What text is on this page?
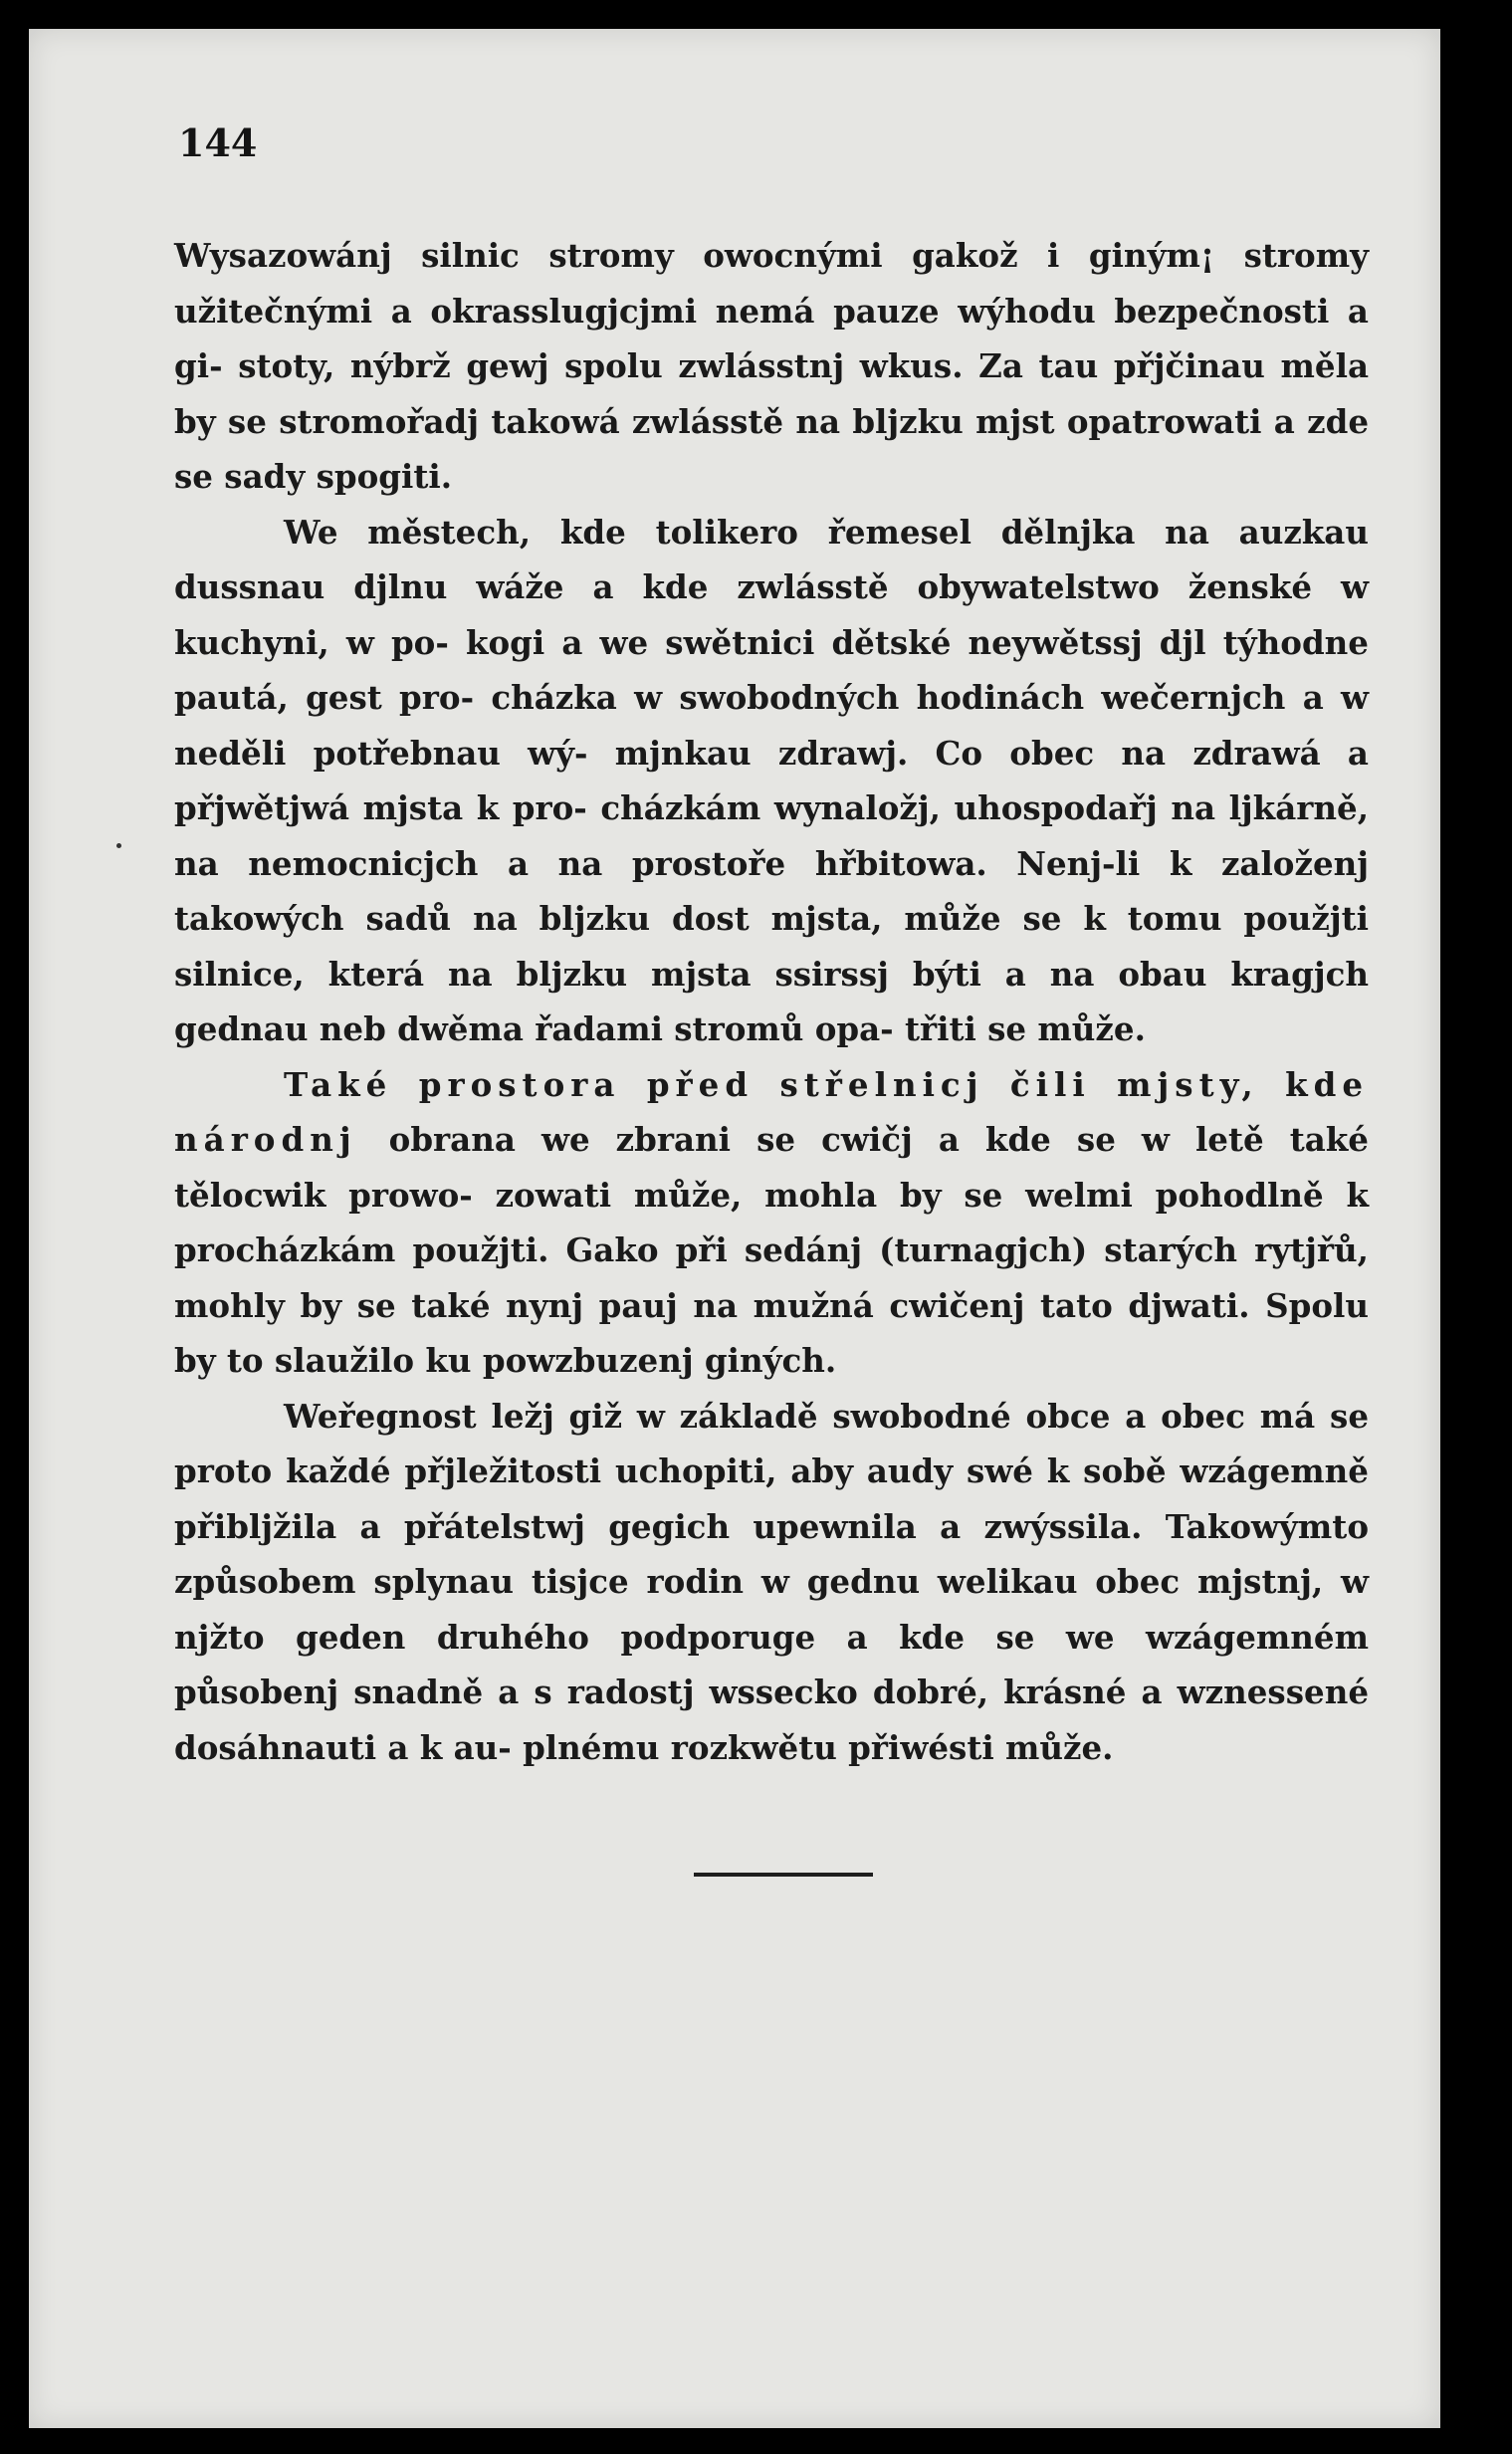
144

Wysazowánj silnic stromy owocnými gakož i giným¡ stromy užitečnými a okrasslugjcjmi nemá pauze wýhodu bezpečnosti a gi- stoty, nýbrž gewj spolu zwlásstnj wkus. Za tau přjčinau měla by se stromořadj takowá zwlásstě na bljzku mjst opatrowati a zde se sady spogiti.

We městech, kde tolikero řemesel dělnjka na auzkau dussnau djlnu wáže a kde zwlásstě obywatelstwo ženské w kuchyni, w po- kogi a we swětnici dětské neywětssj djl týhodne pautá, gest pro- cházka w swobodných hodinách wečernjch a w neděli potřebnau wý- mjnkau zdrawj. Co obec na zdrawá a přjwětjwá mjsta k pro- cházkám wynaložj, uhospodařj na ljkárně, na nemocnicjch a na prostoře hřbitowa. Nenj-li k založenj takowých sadů na bljzku dost mjsta, může se k tomu použjti silnice, která na bljzku mjsta ssirssj býti a na obau kragjch gednau neb dwěma řadami stromů opa- třiti se může.

Také prostora před střelnicj čili mjsty, kde národnj obrana we zbrani se cwičj a kde se w letě také tělocwik prowo- zowati může, mohla by se welmi pohodlně k procházkám použjti. Gako při sedánj (turnagjch) starých rytjřů, mohly by se také nynj pauj na mužná cwičenj tato djwati. Spolu by to slaužilo ku powzbuzenj giných.

Weřegnost ležj giž w základě swobodné obce a obec má se proto každé přjležitosti uchopiti, aby audy swé k sobě wzágemně přibljžila a přátelstwj gegich upewnila a zwýssila. Takowýmto způsobem splynau tisjce rodin w gednu welikau obec mjstnj, w njžto geden druhého podporuge a kde se we wzágemném působenj snadně a s radostj wssecko dobré, krásné a wznessené dosáhnauti a k au- plnému rozkwětu přiwésti může.
